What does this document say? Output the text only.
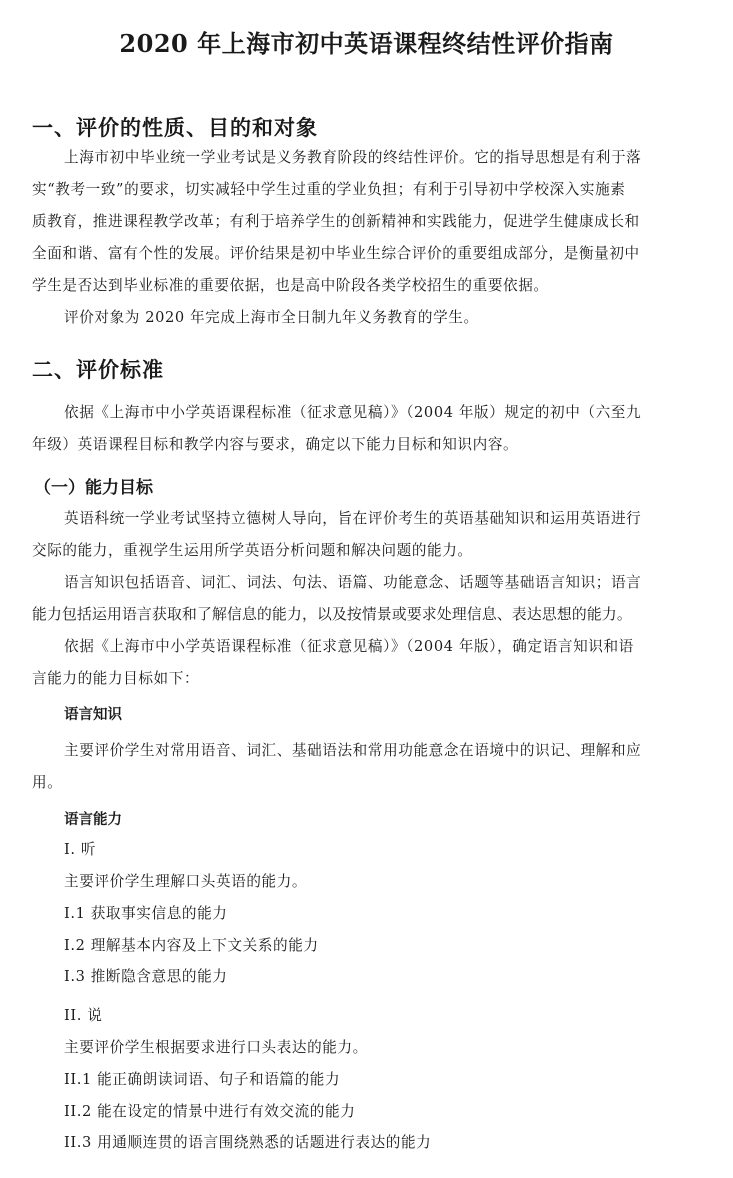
2020 年上海市初中英语课程终结性评价指南
一、评价的性质、目的和对象
上海市初中毕业统一学业考试是义务教育阶段的终结性评价。它的指导思想是有利于落
实“教考一致”的要求，切实减轻中学生过重的学业负担；有利于引导初中学校深入实施素
质教育，推进课程教学改革；有利于培养学生的创新精神和实践能力，促进学生健康成长和
全面和谐、富有个性的发展。评价结果是初中毕业生综合评价的重要组成部分，是衡量初中
学生是否达到毕业标准的重要依据，也是高中阶段各类学校招生的重要依据。
评价对象为 2020 年完成上海市全日制九年义务教育的学生。
二、评价标准
依据《上海市中小学英语课程标准（征求意见稿）》（2004 年版）规定的初中（六至九
年级）英语课程目标和教学内容与要求，确定以下能力目标和知识内容。
（一）能力目标
英语科统一学业考试坚持立德树人导向，旨在评价考生的英语基础知识和运用英语进行
交际的能力，重视学生运用所学英语分析问题和解决问题的能力。
语言知识包括语音、词汇、词法、句法、语篇、功能意念、话题等基础语言知识；语言
能力包括运用语言获取和了解信息的能力，以及按情景或要求处理信息、表达思想的能力。
依据《上海市中小学英语课程标准（征求意见稿）》（2004 年版），确定语言知识和语
言能力的能力目标如下：
语言知识
主要评价学生对常用语音、词汇、基础语法和常用功能意念在语境中的识记、理解和应
用。
语言能力
I. 听
主要评价学生理解口头英语的能力。
I.1 获取事实信息的能力
I.2 理解基本内容及上下文关系的能力
I.3 推断隐含意思的能力
II. 说
主要评价学生根据要求进行口头表达的能力。
II.1 能正确朗读词语、句子和语篇的能力
II.2 能在设定的情景中进行有效交流的能力
II.3 用通顺连贯的语言围绕熟悉的话题进行表达的能力
